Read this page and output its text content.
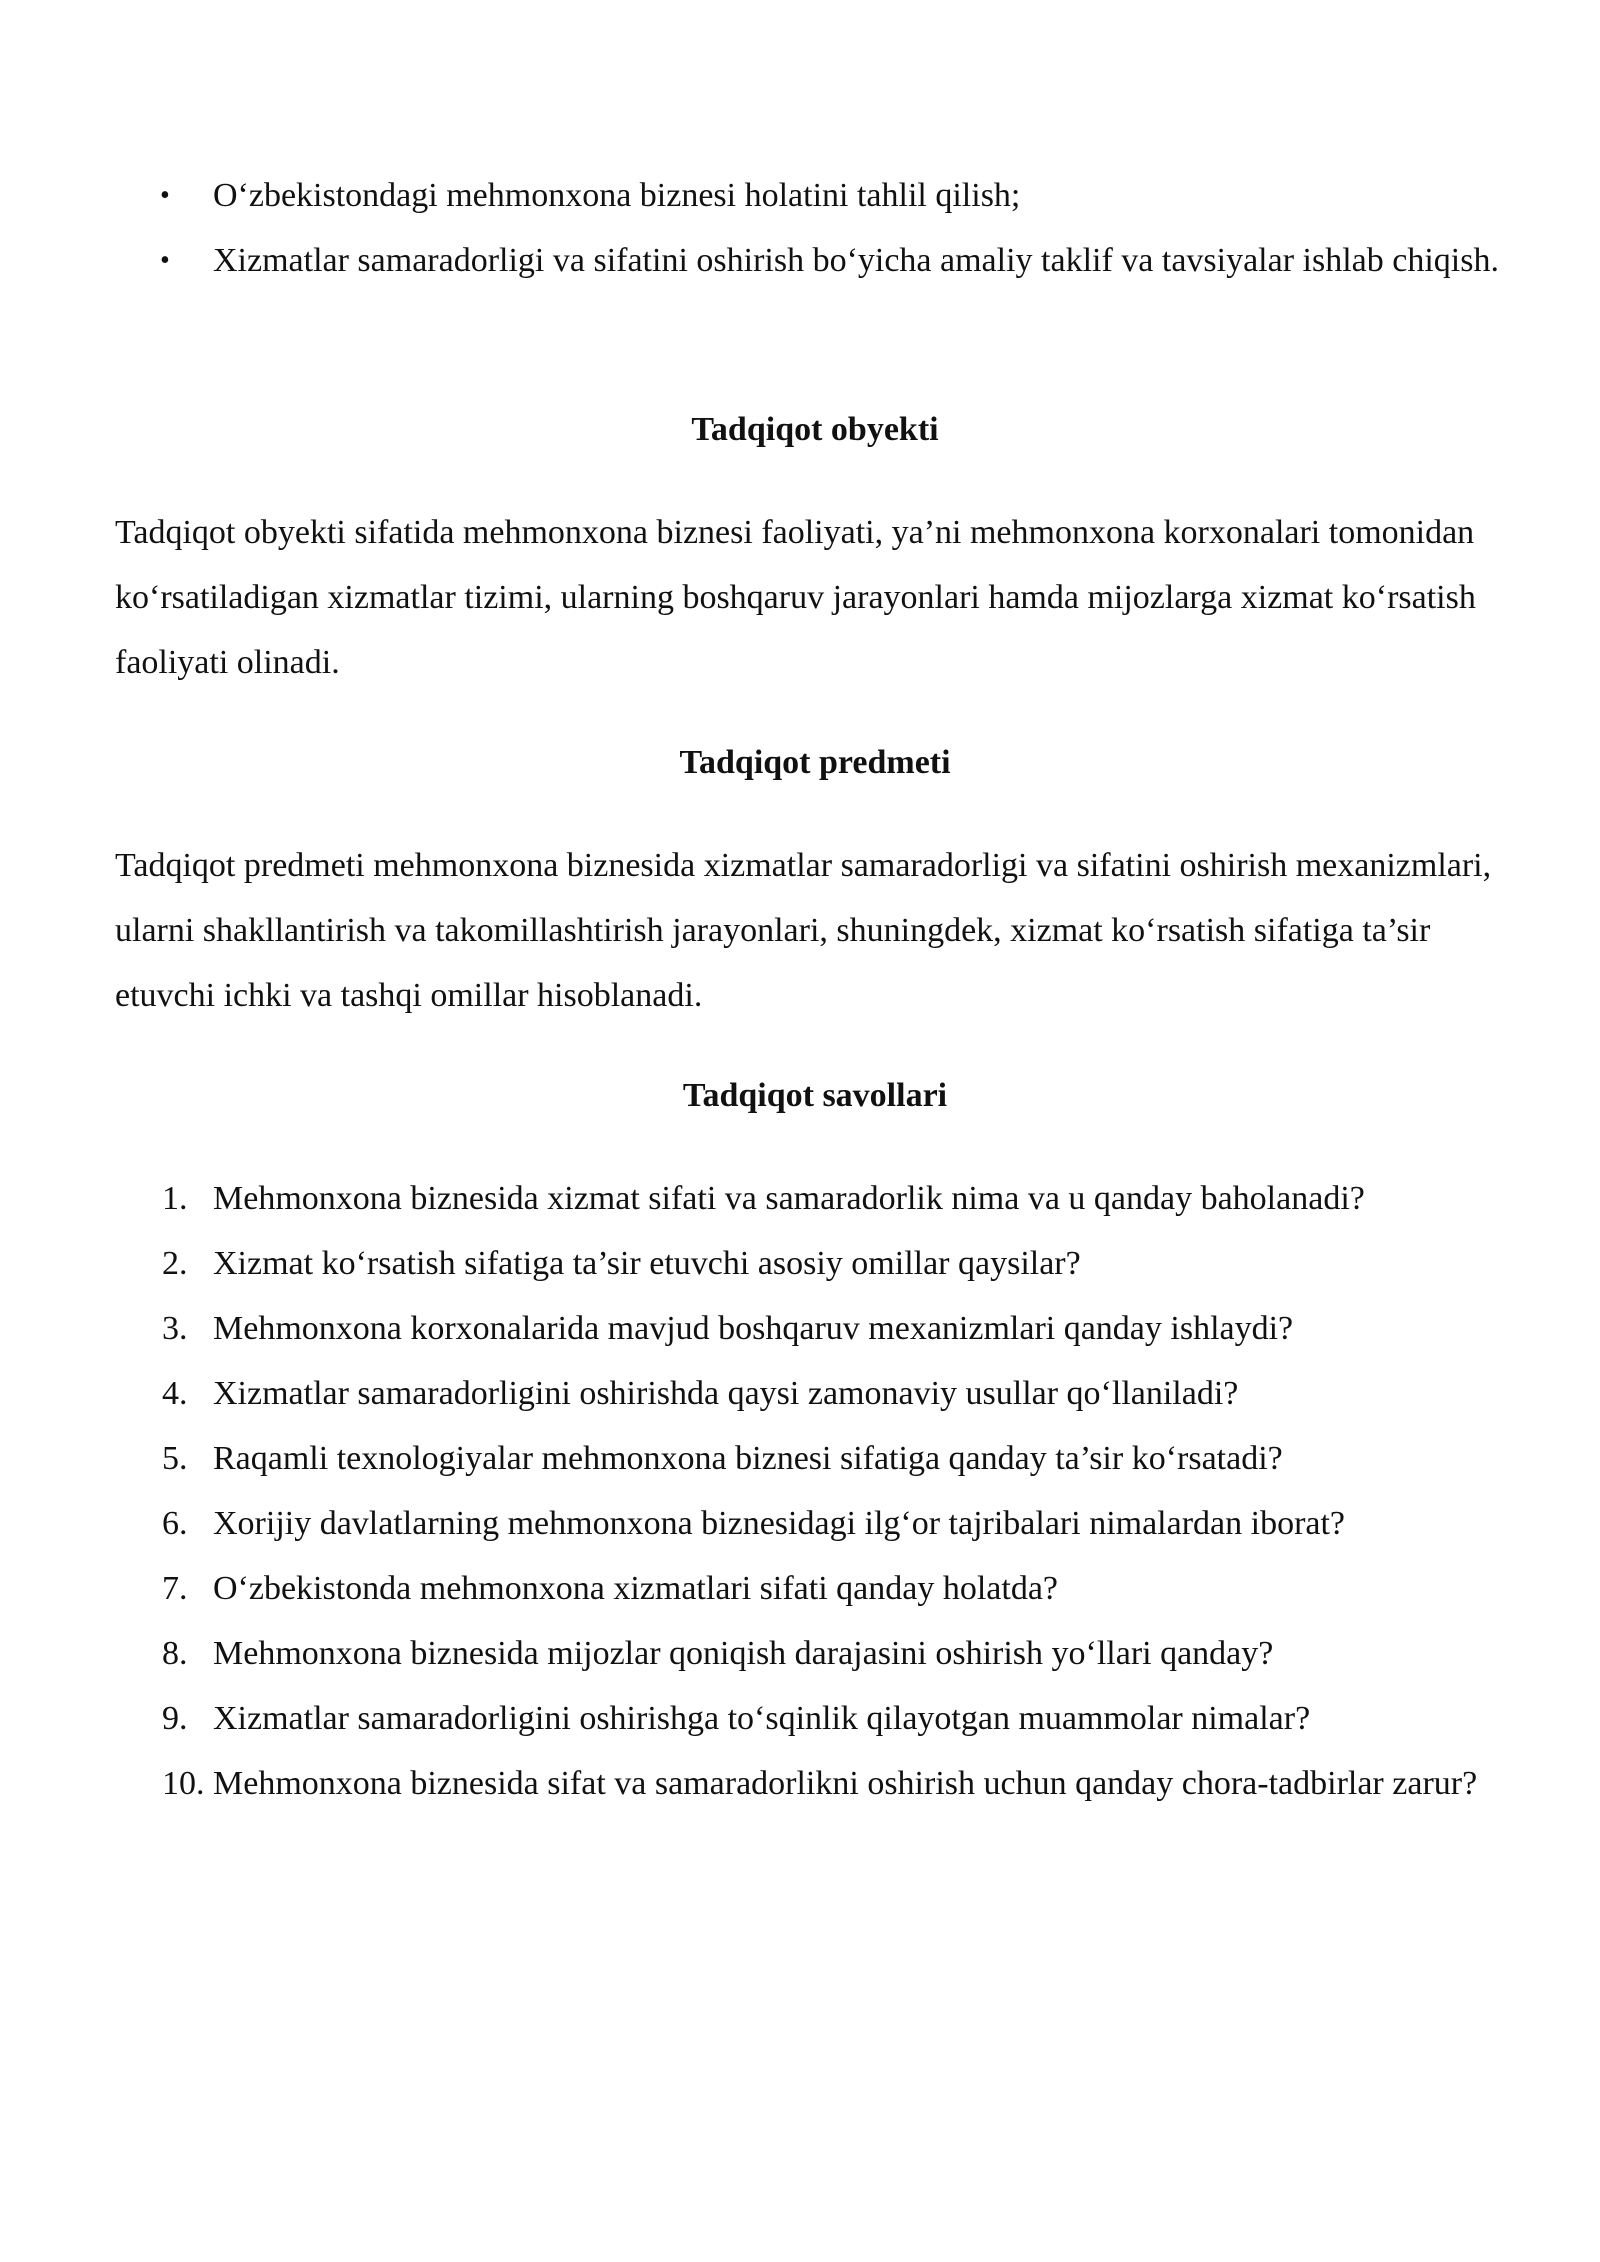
• O‘zbekistondagi mehmonxona biznesi holatini tahlil qilish;
• Xizmatlar samaradorligi va sifatini oshirish bo‘yicha amaliy taklif va tavsiyalar ishlab chiqish.
Tadqiqot obyekti

Tadqiqot obyekti sifatida mehmonxona biznesi faoliyati, ya’ni mehmonxona korxonalari tomonidan ko‘rsatiladigan xizmatlar tizimi, ularning boshqaruv jarayonlari hamda mijozlarga xizmat ko‘rsatish faoliyati olinadi.

Tadqiqot predmeti

Tadqiqot predmeti mehmonxona biznesida xizmatlar samaradorligi va sifatini oshirish mexanizmlari, ularni shakllantirish va takomillashtirish jarayonlari, shuningdek, xizmat ko‘rsatish sifatiga ta’sir etuvchi ichki va tashqi omillar hisoblanadi.

Tadqiqot savollari
1. Mehmonxona biznesida xizmat sifati va samaradorlik nima va u qanday baholanadi?
2. Xizmat ko‘rsatish sifatiga ta’sir etuvchi asosiy omillar qaysilar?
3. Mehmonxona korxonalarida mavjud boshqaruv mexanizmlari qanday ishlaydi?
4. Xizmatlar samaradorligini oshirishda qaysi zamonaviy usullar qo‘llaniladi?
5. Raqamli texnologiyalar mehmonxona biznesi sifatiga qanday ta’sir ko‘rsatadi?
6. Xorijiy davlatlarning mehmonxona biznesidagi ilg‘or tajribalari nimalardan iborat?
7. O‘zbekistonda mehmonxona xizmatlari sifati qanday holatda?
8. Mehmonxona biznesida mijozlar qoniqish darajasini oshirish yo‘llari qanday?
9. Xizmatlar samaradorligini oshirishga to‘sqinlik qilayotgan muammolar nimalar?
10. Mehmonxona biznesida sifat va samaradorlikni oshirish uchun qanday chora-tadbirlar zarur?
